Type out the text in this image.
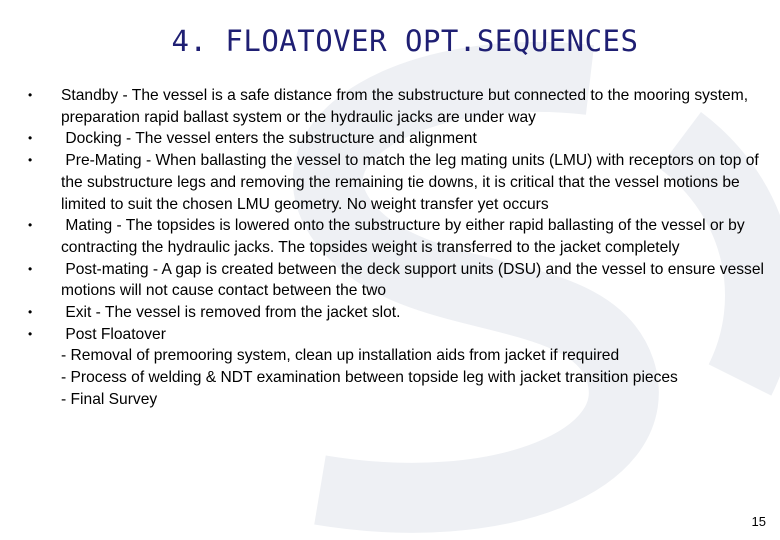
4. FLOATOVER OPT.SEQUENCES
• Standby - The vessel is a safe distance from the substructure but connected to the mooring system, preparation rapid ballast system or the hydraulic jacks are under way
• Docking - The vessel enters the substructure and alignment
• Pre-Mating - When ballasting the vessel to match the leg mating units (LMU) with receptors on top of the substructure legs and removing the remaining tie downs, it is critical that the vessel motions be limited to suit the chosen LMU geometry. No weight transfer yet occurs
• Mating - The topsides is lowered onto the substructure by either rapid ballasting of the vessel or by contracting the hydraulic jacks. The topsides weight is transferred to the jacket completely
• Post-mating - A gap is created between the deck support units (DSU) and the vessel to ensure vessel motions will not cause contact between the two
• Exit - The vessel is removed from the jacket slot.
• Post Floatover
- Removal of premooring system, clean up installation aids from jacket if required
- Process of welding & NDT examination between topside leg with jacket transition pieces
- Final Survey
15
